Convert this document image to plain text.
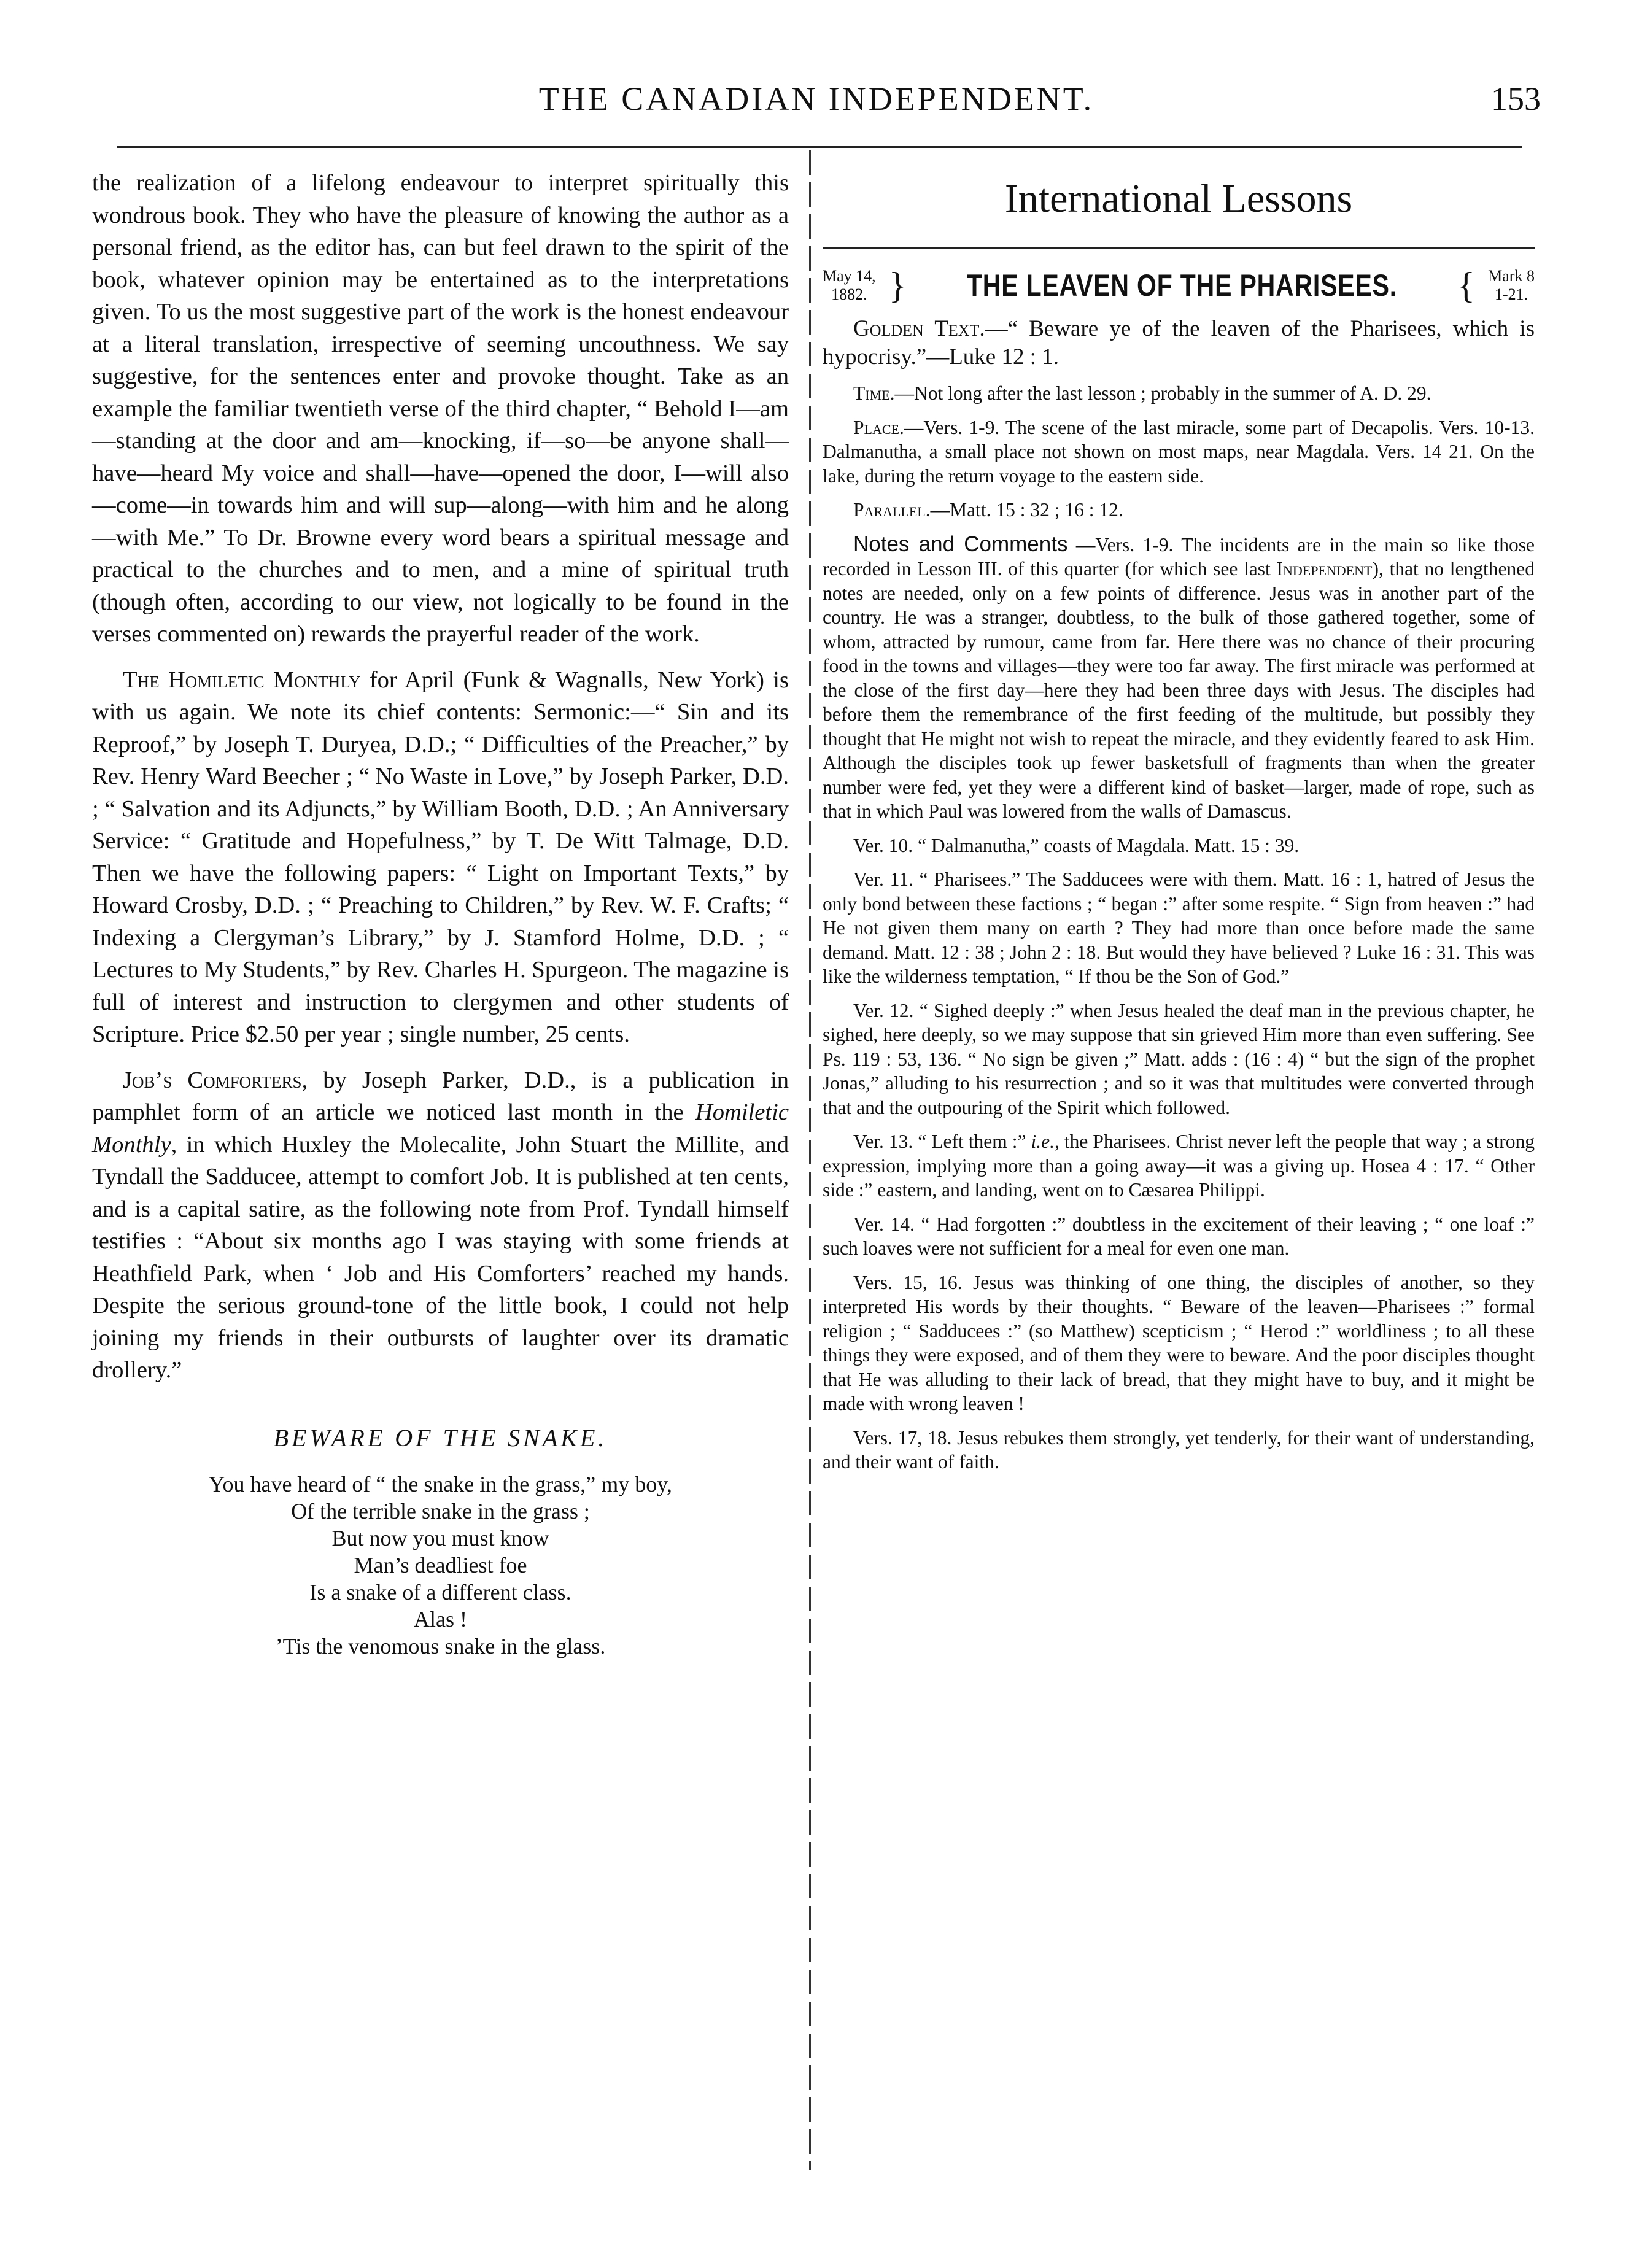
THE CANADIAN INDEPENDENT.	153

the realization of a lifelong endeavour to interpret spiritually this wondrous book. They who have the pleasure of knowing the author as a personal friend, as the editor has, can but feel drawn to the spirit of the book, whatever opinion may be entertained as to the interpretations given. To us the most suggestive part of the work is the honest endeavour at a literal translation, irrespective of seeming uncouthness. We say suggestive, for the sentences enter and provoke thought. Take as an example the familiar twentieth verse of the third chapter, “ Behold I—am—standing at the door and am—knocking, if—so—be anyone shall—have—heard My voice and shall—have—opened the door, I—will also—come—in towards him and will sup—along—with him and he along—with Me.” To Dr. Browne every word bears a spiritual message and practical to the churches and to men, and a mine of spiritual truth (though often, according to our view, not logically to be found in the verses commented on) rewards the prayerful reader of the work.

The Homiletic Monthly for April (Funk & Wagnalls, New York) is with us again. We note its chief contents: Sermonic:—“ Sin and its Reproof,” by Joseph T. Duryea, D.D.; “ Difficulties of the Preacher,” by Rev. Henry Ward Beecher ; “ No Waste in Love,” by Joseph Parker, D.D. ; “ Salvation and its Adjuncts,” by William Booth, D.D. ; An Anniversary Service: “ Gratitude and Hopefulness,” by T. De Witt Talmage, D.D. Then we have the following papers: “ Light on Important Texts,” by Howard Crosby, D.D. ; “ Preaching to Children,” by Rev. W. F. Crafts; “ Indexing a Clergyman’s Library,” by J. Stamford Holme, D.D. ; “ Lectures to My Students,” by Rev. Charles H. Spurgeon. The magazine is full of interest and instruction to clergymen and other students of Scripture. Price $2.50 per year ; single number, 25 cents.

Job’s Comforters, by Joseph Parker, D.D., is a publication in pamphlet form of an article we noticed last month in the Homiletic Monthly, in which Huxley the Molecalite, John Stuart the Millite, and Tyndall the Sadducee, attempt to comfort Job. It is published at ten cents, and is a capital satire, as the following note from Prof. Tyndall himself testifies : “About six months ago I was staying with some friends at Heathfield Park, when ‘ Job and His Comforters’ reached my hands. Despite the serious ground-tone of the little book, I could not help joining my friends in their outbursts of laughter over its dramatic drollery.”

BEWARE OF THE SNAKE.
You have heard of “ the snake in the grass,” my boy,
Of the terrible snake in the grass ;
But now you must know
Man’s deadliest foe
Is a snake of a different class.
Alas !
’Tis the venomous snake in the glass.
International Lessons
May 14,
1882. } THE LEAVEN OF THE PHARISEES. { Mark 8
1-21.

Golden Text.—“ Beware ye of the leaven of the Pharisees, which is hypocrisy.”—Luke 12 : 1.

Time.—Not long after the last lesson ; probably in the summer of A. D. 29.

Place.—Vers. 1-9. The scene of the last miracle, some part of Decapolis. Vers. 10-13. Dalmanutha, a small place not shown on most maps, near Magdala. Vers. 14 21. On the lake, during the return voyage to the eastern side.

Parallel.—Matt. 15 : 32 ; 16 : 12.

Notes and Comments —Vers. 1-9. The incidents are in the main so like those recorded in Lesson III. of this quarter (for which see last Independent), that no lengthened notes are needed, only on a few points of difference. Jesus was in another part of the country. He was a stranger, doubtless, to the bulk of those gathered together, some of whom, attracted by rumour, came from far. Here there was no chance of their procuring food in the towns and villages—they were too far away. The first miracle was performed at the close of the first day—here they had been three days with Jesus. The disciples had before them the remembrance of the first feeding of the multitude, but possibly they thought that He might not wish to repeat the miracle, and they evidently feared to ask Him. Although the disciples took up fewer basketsfull of fragments than when the greater number were fed, yet they were a different kind of basket—larger, made of rope, such as that in which Paul was lowered from the walls of Damascus.

Ver. 10. “ Dalmanutha,” coasts of Magdala. Matt. 15 : 39.

Ver. 11. “ Pharisees.” The Sadducees were with them. Matt. 16 : 1, hatred of Jesus the only bond between these factions ; “ began :” after some respite. “ Sign from heaven :” had He not given them many on earth ? They had more than once before made the same demand. Matt. 12 : 38 ; John 2 : 18. But would they have believed ? Luke 16 : 31. This was like the wilderness temptation, “ If thou be the Son of God.”

Ver. 12. “ Sighed deeply :” when Jesus healed the deaf man in the previous chapter, he sighed, here deeply, so we may suppose that sin grieved Him more than even suffering. See Ps. 119 : 53, 136. “ No sign be given ;” Matt. adds : (16 : 4) “ but the sign of the prophet Jonas,” alluding to his resurrection ; and so it was that multitudes were converted through that and the outpouring of the Spirit which followed.

Ver. 13. “ Left them :” i.e., the Pharisees. Christ never left the people that way ; a strong expression, implying more than a going away—it was a giving up. Hosea 4 : 17. “ Other side :” eastern, and landing, went on to Cæsarea Philippi.

Ver. 14. “ Had forgotten :” doubtless in the excitement of their leaving ; “ one loaf :” such loaves were not sufficient for a meal for even one man.

Vers. 15, 16. Jesus was thinking of one thing, the disciples of another, so they interpreted His words by their thoughts. “ Beware of the leaven—Pharisees :” formal religion ; “ Sadducees :” (so Matthew) scepticism ; “ Herod :” worldliness ; to all these things they were exposed, and of them they were to beware. And the poor disciples thought that He was alluding to their lack of bread, that they might have to buy, and it might be made with wrong leaven !

Vers. 17, 18. Jesus rebukes them strongly, yet tenderly, for their want of understanding, and their want of faith.
